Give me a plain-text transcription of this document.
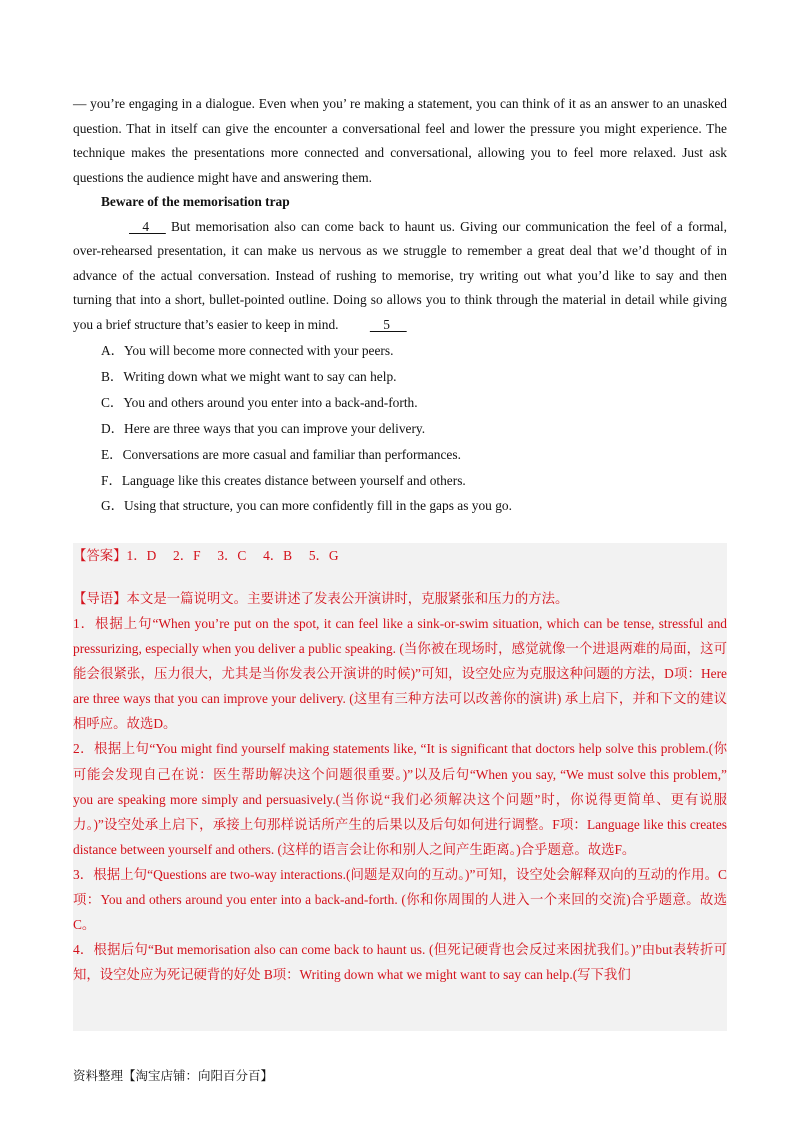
— you’re engaging in a dialogue. Even when you’ re making a statement, you can think of it as an answer to an unasked question. That in itself can give the encounter a conversational feel and lower the pressure you might experience. The technique makes the presentations more connected and conversational, allowing you to feel more relaxed. Just ask questions the audience might have and answering them.

Beware of the memorisation trap

4      But memorisation also can come back to haunt us. Giving our communication the feel of a formal, over-rehearsed presentation, it can make us nervous as we struggle to remember a great deal that we’d thought of in advance of the actual conversation. Instead of rushing to memorise, try writing out what you’d like to say and then turning that into a short, bullet-pointed outline. Doing so allows you to think through the material in detail while giving you a brief structure that’s easier to keep in mind.     5

A．You will become more connected with your peers.

B．Writing down what we might want to say can help.

C．You and others around you enter into a back-and-forth.

D．Here are three ways that you can improve your delivery.

E．Conversations are more casual and familiar than performances.

F．Language like this creates distance between yourself and others.

G．Using that structure, you can more confidently fill in the gaps as you go.

【答案】1．D　 2．F　 3．C　 4．B　 5．G

【导语】本文是一篇说明文。主要讲述了发表公开演讲时，克服紧张和压力的方法。

1．根据上句“When you’re put on the spot, it can feel like a sink-or-swim situation, which can be tense, stressful and pressurizing, especially when you deliver a public speaking. (当你被在现场时，感觉就像一个进退两难的局面，这可能会很紧张，压力很大，尤其是当你发表公开演讲的时候)”可知，设空处应为克服这种问题的方法，D项：Here are three ways that you can improve your delivery. (这里有三种方法可以改善你的演讲) 承上启下，并和下文的建议相呼应。故选D。

2．根据上句“You might find yourself making statements like, “It is significant that doctors help solve this problem.(你可能会发现自己在说：医生帮助解决这个问题很重要。)”以及后句“When you say, “We must solve this problem,” you are speaking more simply and persuasively.(当你说“我们必须解决这个问题”时，你说得更简单、更有说服力。)”设空处承上启下，承接上句那样说话所产生的后果以及后句如何进行调整。F项：Language like this creates distance between yourself and others. (这样的语言会让你和别人之间产生距离。)合乎题意。故选F。

3．根据上句“Questions are two-way interactions.(问题是双向的互动。)”可知，设空处会解释双向的互动的作用。C项：You and others around you enter into a back-and-forth. (你和你周围的人进入一个来回的交流)合乎题意。故选C。

4．根据后句“But memorisation also can come back to haunt us. (但死记硬背也会反过来困扰我们。)”由but表转折可知，设空处应为死记硬背的好处 B项：Writing down what we might want to say can help.(写下我们

资料整理【淘宝店铺：向阳百分百】
